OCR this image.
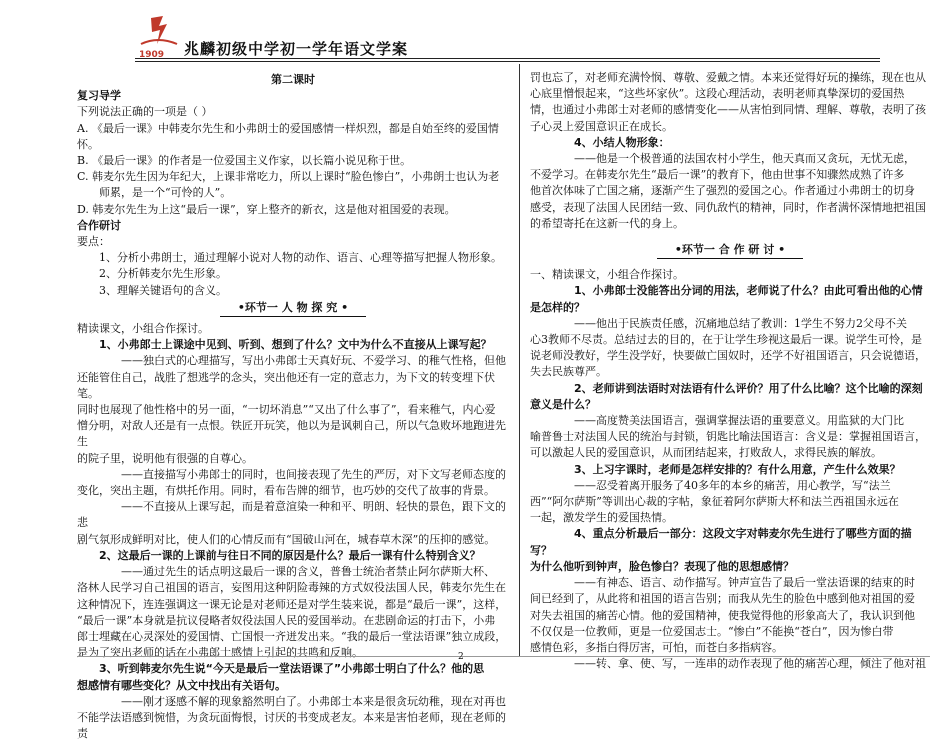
1909 兆麟初级中学初一学年语文学案

第二课时

复习导学

下列说法正确的一项是（ ）

A. 《最后一课》中韩麦尔先生和小弗朗士的爱国感情一样炽烈，都是自始至终的爱国情怀。

B. 《最后一课》的作者是一位爱国主义作家，以长篇小说见称于世。

C. 韩麦尔先生因为年纪大，上课非常吃力，所以上课时“脸色惨白”，小弗朗士也认为老

师累，是一个“可怜的人”。

D. 韩麦尔先生为上这“最后一课”，穿上整齐的新衣，这是他对祖国爱的表现。

合作研讨

要点：

1、分析小弗朗士，通过理解小说对人物的动作、语言、心理等描写把握人物形象。

2、分析韩麦尔先生形象。

3、理解关键语句的含义。

•环节一 人 物 探 究 •

精读课文，小组合作探讨。

1、小弗郎士上课途中见到、听到、想到了什么？文中为什么不直接从上课写起？

——独白式的心理描写，写出小弗郎士天真好玩、不爱学习、的稚气性格，但他

还能管住自己，战胜了想逃学的念头，突出他还有一定的意志力，为下文的转变埋下伏笔。

同时也展现了他性格中的另一面，“一切坏消息”“又出了什么事了”，看来稚气，内心爱

憎分明，对敌人还是有一点恨。铁匠开玩笑，他以为是讽刺自己，所以气急败坏地跑进先生

的院子里，说明他有很强的自尊心。

——直接描写小弗郎士的同时，也间接表现了先生的严厉，对下文写老师态度的

变化，突出主题，有烘托作用。同时，看布告牌的细节，也巧妙的交代了故事的背景。

——不直接从上课写起，而是着意渲染一种和平、明朗、轻快的景色，跟下文的悲

剧气氛形成鲜明对比，使人们的心情反而有“国破山河在，城春草木深”的压抑的感觉。

2、这最后一课的上课前与往日不同的原因是什么？最后一课有什么特别含义？

——通过先生的话点明这最后一课的含义，普鲁士统治者禁止阿尔萨斯大杯、

洛林人民学习自己祖国的语言，妄图用这种阴险毒辣的方式奴役法国人民，韩麦尔先生在

这种情况下，连连强调这一课无论是对老师还是对学生装来说，都是“最后一课”，这样，

“最后一课”本身就是抗议侵略者奴役法国人民的爱国举动。在悲剧命运的打击下，小弗

郎士埋藏在心灵深处的爱国情、亡国恨一齐迸发出来。“我的最后一堂法语课”独立成段，

是为了突出老师的话在小弗郎士感情上引起的共鸣和反响。

3、听到韩麦尔先生说“今天是最后一堂法语课了”小弗郎士明白了什么？他的思

想感情有哪些变化？从文中找出有关语句。

——刚才逐感不解的现象豁然明白了。小弗郎士本来是很贪玩幼稚，现在对再也

不能学法语感到惋惜，为贪玩面悔恨，讨厌的书变成老友。本来是害怕老师，现在老师的责

罚也忘了，对老师充满怜悯、尊敬、爱戴之情。本来还觉得好玩的操练，现在也从

心底里憎恨起来，“这些坏家伙”。这段心理活动，表明老师真挚深切的爱国热

情，也通过小弗郎士对老师的感情变化——从害怕到同情、理解、尊敬，表明了孩

子心灵上爱国意识正在成长。

4、小结人物形象：

——他是一个极普通的法国农村小学生，他天真而又贪玩，无忧无虑，

不爱学习。在韩麦尔先生“最后一课”的教育下，他由世事不知骤然成熟了许多

他首次体味了亡国之痛，逐渐产生了强烈的爱国之心。作者通过小弗朗士的切身

感受，表现了法国人民团结一致、同仇敌忾的精神，同时，作者满怀深情地把祖国

的希望寄托在这新一代的身上。

•环节一 合 作 研 讨 •

一、精读课文，小组合作探讨。

1、小弗郎士没能答出分词的用法，老师说了什么？由此可看出他的心情

是怎样的？

——他出于民族责任感，沉痛地总结了教训：1学生不努力2父母不关

心3教师不尽责。总结过去的目的，在于让学生珍视这最后一课。说学生可怜，是

说老师没教好，学生没学好，快要做亡国奴时，还学不好祖国语言，只会说德语，

失去民族尊严。

2、老师讲到法语时对法语有什么评价？用了什么比喻？这个比喻的深刻

意义是什么？

——高度赞美法国语言，强调掌握法语的重要意义。用监狱的大门比

喻普鲁士对法国人民的统治与封锁，钥匙比喻法国语言：含义是：掌握祖国语言，

可以激起人民的爱国意识，从而团结起来，打败敌人，求得民族的解放。

3、上习字课时，老师是怎样安排的？有什么用意，产生什么效果？

——忍受着离开服务了40多年的本乡的痛苦，用心教学，写“法兰

西”“阿尔萨斯”等训出心裁的字帖，象征着阿尔萨斯大杯和法兰西祖国永远在

一起，激发学生的爱国热情。

4、重点分析最后一部分：这段文字对韩麦尔先生进行了哪些方面的描写？

为什么他听到钟声，脸色惨白？表现了他的思想感情？

——有神态、语言、动作描写。钟声宣告了最后一堂法语课的结束的时

间已经到了，从此将和祖国的语言告别；而我从先生的脸色中感到他对祖国的爱

对失去祖国的痛苦心情。他的爱国精神，使我觉得他的形象高大了，我认识到他

不仅仅是一位教师，更是一位爱国志士。“惨白”不能换“苍白”，因为惨白带

感情色彩，多指白得厉害，可怕，而苍白多指病容。

——转、拿、使、写，一连串的动作表现了他的痛苦心理，倾注了他对祖

2
